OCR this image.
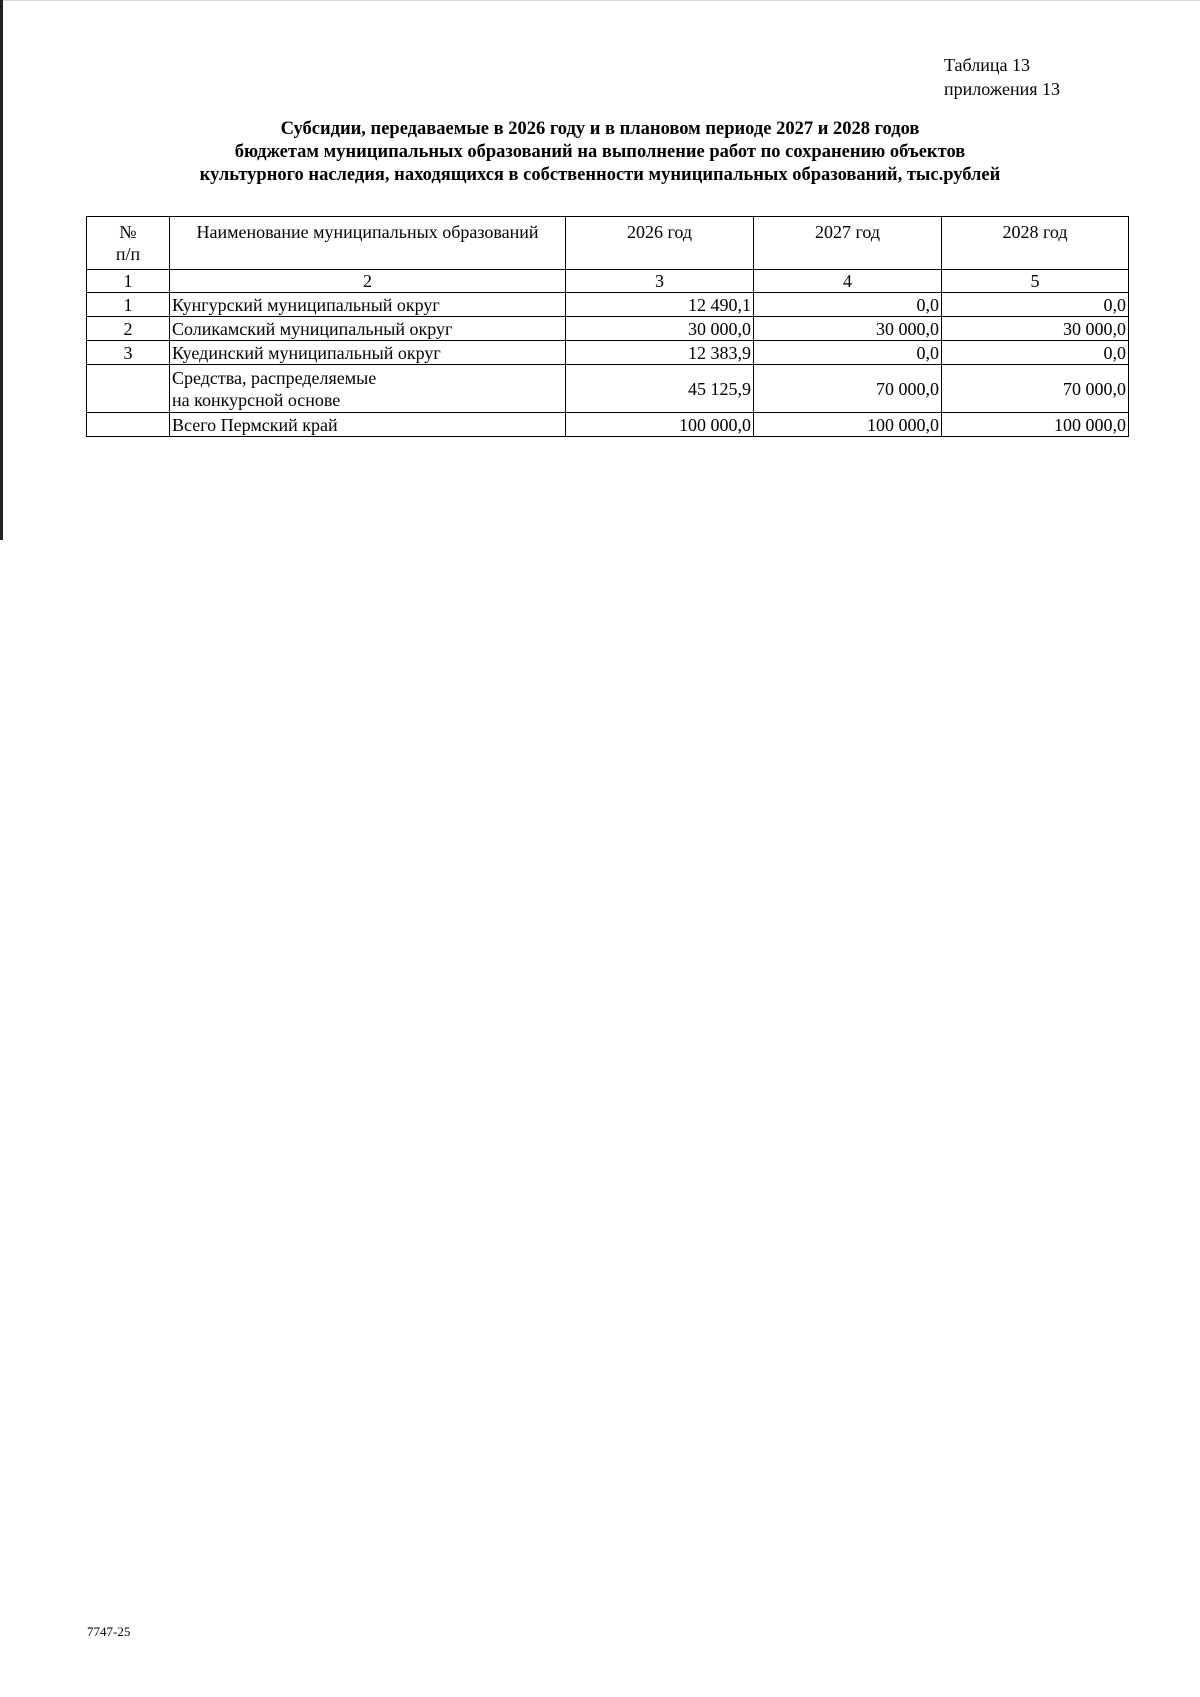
Таблица 13
приложения 13
Субсидии, передаваемые в 2026 году и в плановом периоде 2027 и 2028 годов
бюджетам муниципальных образований на выполнение работ по сохранению объектов
культурного наследия, находящихся в собственности муниципальных образований, тыс.рублей
№
п/п	Наименование муниципальных образований	2026 год	2027 год	2028 год
1	2	3	4	5
1	Кунгурский муниципальный округ	12 490,1	0,0	0,0
2	Соликамский муниципальный округ	30 000,0	30 000,0	30 000,0
3	Куединский муниципальный округ	12 383,9	0,0	0,0

	Средства, распределяемые
на конкурсной основе	45 125,9	70 000,0	70 000,0
	Всего Пермский край	100 000,0	100 000,0	100 000,0
7747-25
